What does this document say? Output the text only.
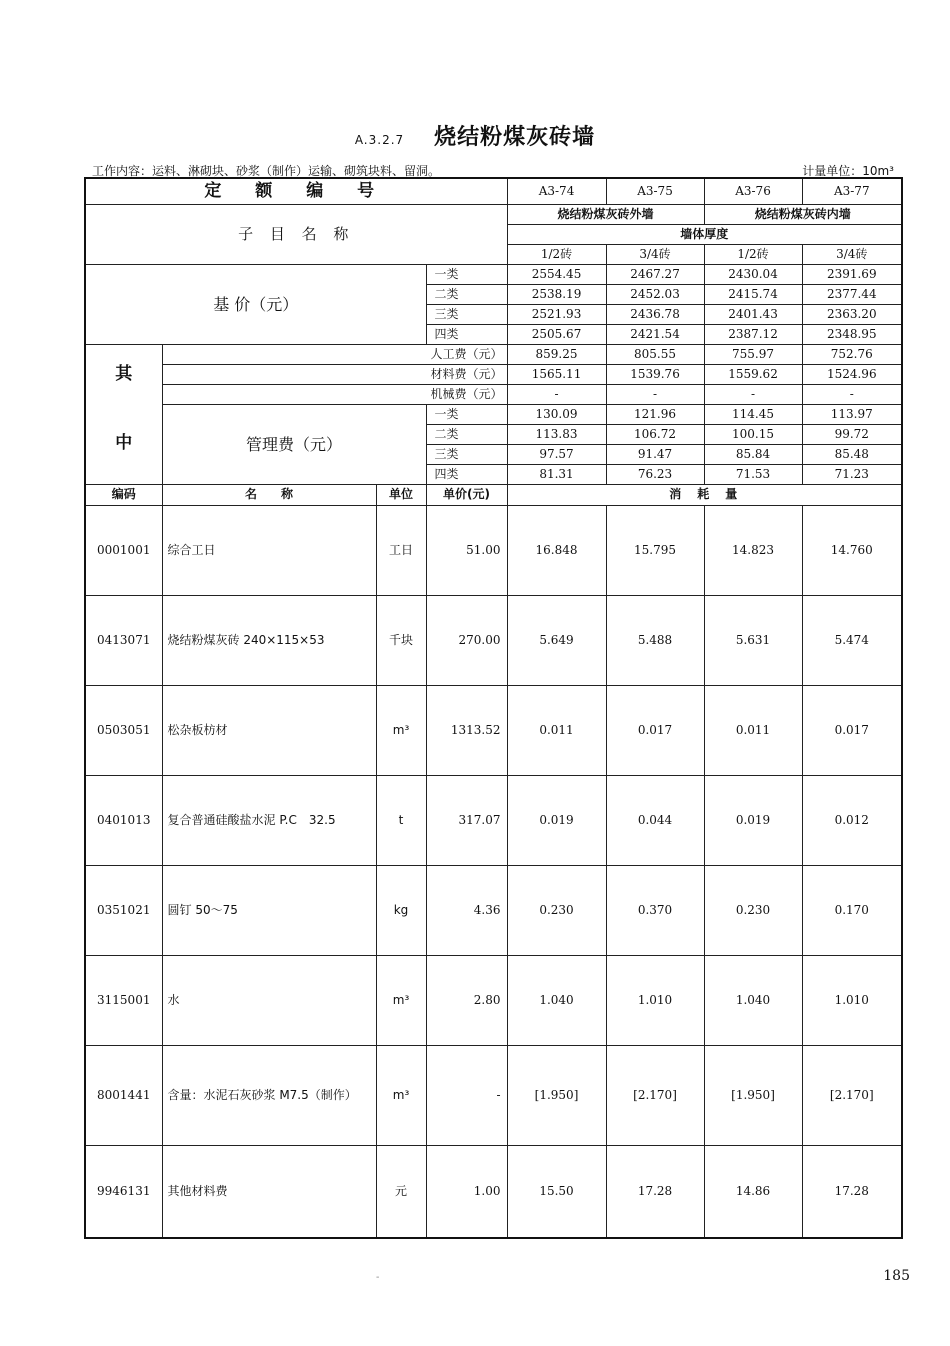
A.3.2.7 烧结粉煤灰砖墙
工作内容：运料、淋砌块、砂浆（制作）运输、砌筑块料、留洞。	计量单位：10m³
定 额 编 号				A3-74	A3-75	A3-76	A3-77
子 目 名 称				烧结粉煤灰砖外墙		烧结粉煤灰砖内墙	
				墙体厚度			
				1/2砖	3/4砖	1/2砖	3/4砖
基 价（元）			一类	2554.45	2467.27	2430.04	2391.69
			二类	2538.19	2452.03	2415.74	2377.44
			三类	2521.93	2436.78	2401.43	2363.20
			四类	2505.67	2421.54	2387.12	2348.95
其	人工费（元）			859.25	805.55	755.97	752.76
	材料费（元）			1565.11	1539.76	1559.62	1524.96
	机械费（元）			-	-	-	-
中	管理费（元）		一类	130.09	121.96	114.45	113.97
			二类	113.83	106.72	100.15	99.72
			三类	97.57	91.47	85.84	85.48
			四类	81.31	76.23	71.53	71.23
编码	名　　称	单位	单价(元)	消　耗　量			
0001001	综合工日	工日	51.00	16.848	15.795	14.823	14.760
0413071	烧结粉煤灰砖 240×115×53	千块	270.00	5.649	5.488	5.631	5.474
0503051	松杂板枋材	m³	1313.52	0.011	0.017	0.011	0.017
0401013	复合普通硅酸盐水泥 P.C　32.5	t	317.07	0.019	0.044	0.019	0.012
0351021	圆钉 50～75	kg	4.36	0.230	0.370	0.230	0.170
3115001	水	m³	2.80	1.040	1.010	1.040	1.010
8001441	含量：水泥石灰砂浆 M7.5（制作）	m³	-	[1.950]	[2.170]	[1.950]	[2.170]
9946131	其他材料费	元	1.00	15.50	17.28	14.86	17.28
-	185
